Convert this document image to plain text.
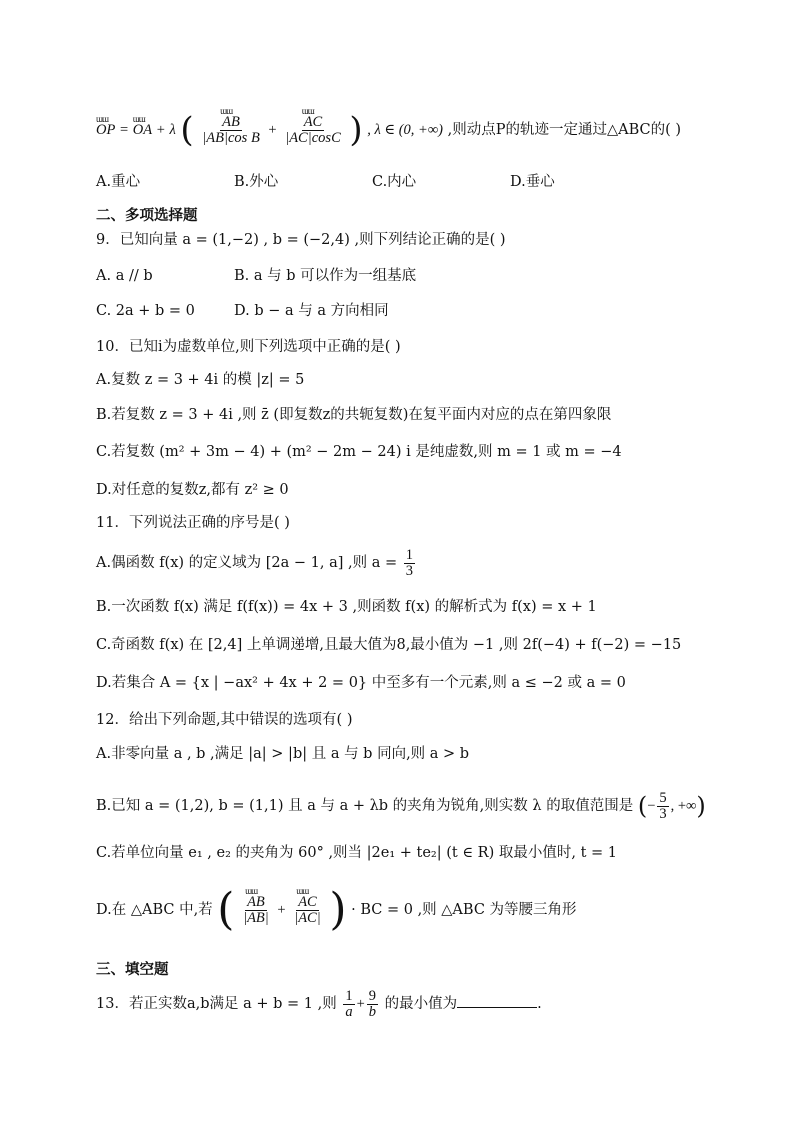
ɯɯ OP = ɯɯ OA + λ ( ɯɯ $\frac{AB}{\text{|AB|cos B}}$ + ɯɯ $\frac{AC}{|AC|\cos C}$ ) , λ ∈ (0, +∞) ,则动点P的轨迹一定通过△ABC的( )
A.重心	B.外心	C.内心	D.垂心
二、多项选择题
9．已知向量 a = (1,−2) , b = (−2,4) ,则下列结论正确的是( )
A. a // b	B. a 与 b 可以作为一组基底
C. 2a + b = 0	D. b − a 与 a 方向相同
10．已知i为虚数单位,则下列选项中正确的是( )
A.复数 z = 3 + 4i 的模 |z| = 5
B.若复数 z = 3 + 4i ,则 z̄ (即复数z的共轭复数)在复平面内对应的点在第四象限
C.若复数 (m² + 3m − 4) + (m² − 2m − 24) i 是纯虚数,则 m = 1 或 m = −4
D.对任意的复数z,都有 z² ≥ 0
11．下列说法正确的序号是( )
A.偶函数 f(x) 的定义域为 [2a − 1, a] ,则 $a = \frac{1}{3}$
B.一次函数 f(x) 满足 f(f(x)) = 4x + 3 ,则函数 f(x) 的解析式为 f(x) = x + 1
C.奇函数 f(x) 在 [2,4] 上单调递增,且最大值为8,最小值为 −1 ,则 2f(−4) + f(−2) = −15
D.若集合 A = {x | −ax² + 4x + 2 = 0} 中至多有一个元素,则 a ≤ −2 或 a = 0
12．给出下列命题,其中错误的选项有( )
A.非零向量 a , b ,满足 |a| > |b| 且 a 与 b 同向,则 a > b
B.已知 a = (1,2), b = (1,1) 且 a 与 a + λb 的夹角为锐角,则实数 λ 的取值范围是 (− $\frac{5}{3}$ , +∞)
C.若单位向量 e₁ , e₂ 的夹角为 60° ,则当 |2e₁ + te₂| (t ∈ R) 取最小值时, t = 1
D.在 △ABC 中,若 ( ɯɯ $\frac{AB}{|AB|}$ + ɯɯ $\frac{AC}{|AC|}$ ) · BC = 0 ,则 △ABC 为等腰三角形
三、填空题
13．若正实数a,b满足 a + b = 1 ,则 $\frac{1}{a} + \frac{9}{b}$ 的最小值为	.
